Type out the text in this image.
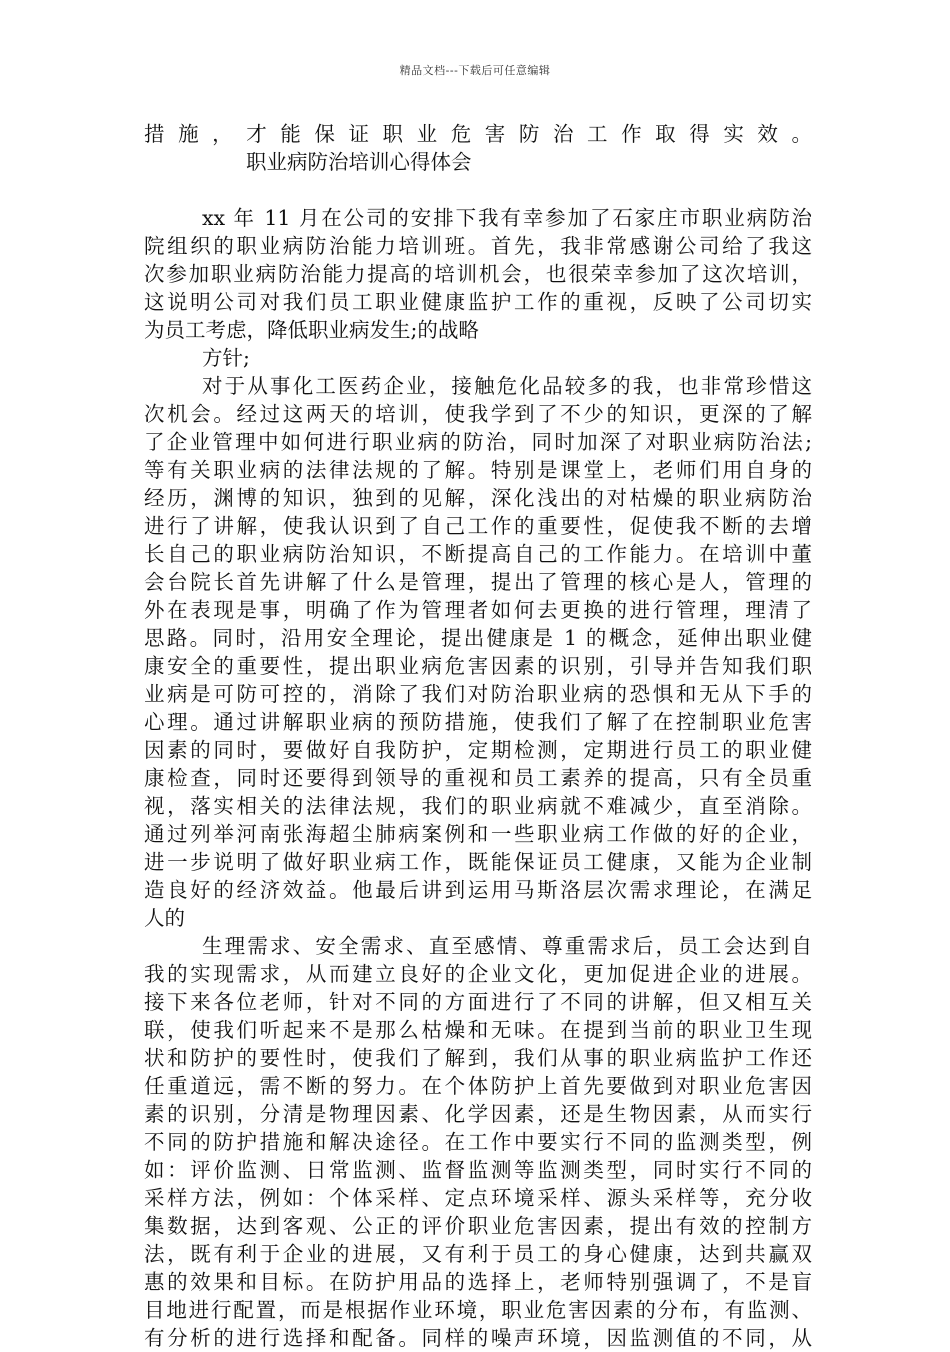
精品文档---下载后可任意编辑
措施，才能保证职业危害防治工作取得实效。
职业病防治培训心得体会
xx 年 11 月在公司的安排下我有幸参加了石家庄市职业病防治
院组织的职业病防治能力培训班。首先，我非常感谢公司给了我这
次参加职业病防治能力提高的培训机会，也很荣幸参加了这次培训，
这说明公司对我们员工职业健康监护工作的重视，反映了公司切实
为员工考虑，降低职业病发生;的战略
方针;
对于从事化工医药企业，接触危化品较多的我，也非常珍惜这
次机会。经过这两天的培训，使我学到了不少的知识，更深的了解
了企业管理中如何进行职业病的防治，同时加深了对职业病防治法;
等有关职业病的法律法规的了解。特别是课堂上，老师们用自身的
经历，渊博的知识，独到的见解，深化浅出的对枯燥的职业病防治
进行了讲解，使我认识到了自己工作的重要性，促使我不断的去增
长自己的职业病防治知识，不断提高自己的工作能力。在培训中董
会台院长首先讲解了什么是管理，提出了管理的核心是人，管理的
外在表现是事，明确了作为管理者如何去更换的进行管理，理清了
思路。同时，沿用安全理论，提出健康是 1 的概念，延伸出职业健
康安全的重要性，提出职业病危害因素的识别，引导并告知我们职
业病是可防可控的，消除了我们对防治职业病的恐惧和无从下手的
心理。通过讲解职业病的预防措施，使我们了解了在控制职业危害
因素的同时，要做好自我防护，定期检测，定期进行员工的职业健
康检查，同时还要得到领导的重视和员工素养的提高，只有全员重
视，落实相关的法律法规，我们的职业病就不难减少，直至消除。
通过列举河南张海超尘肺病案例和一些职业病工作做的好的企业，
进一步说明了做好职业病工作，既能保证员工健康，又能为企业制
造良好的经济效益。他最后讲到运用马斯洛层次需求理论，在满足
人的
生理需求、安全需求、直至感情、尊重需求后，员工会达到自
我的实现需求，从而建立良好的企业文化，更加促进企业的进展。
接下来各位老师，针对不同的方面进行了不同的讲解，但又相互关
联，使我们听起来不是那么枯燥和无味。在提到当前的职业卫生现
状和防护的要性时，使我们了解到，我们从事的职业病监护工作还
任重道远，需不断的努力。在个体防护上首先要做到对职业危害因
素的识别，分清是物理因素、化学因素，还是生物因素，从而实行
不同的防护措施和解决途径。在工作中要实行不同的监测类型，例
如：评价监测、日常监测、监督监测等监测类型，同时实行不同的
采样方法，例如：个体采样、定点环境采样、源头采样等，充分收
集数据，达到客观、公正的评价职业危害因素，提出有效的控制方
法，既有利于企业的进展，又有利于员工的身心健康，达到共赢双
惠的效果和目标。在防护用品的选择上，老师特别强调了，不是盲
目地进行配置，而是根据作业环境，职业危害因素的分布，有监测、
有分析的进行选择和配备。同样的噪声环境，因监测值的不同，从
